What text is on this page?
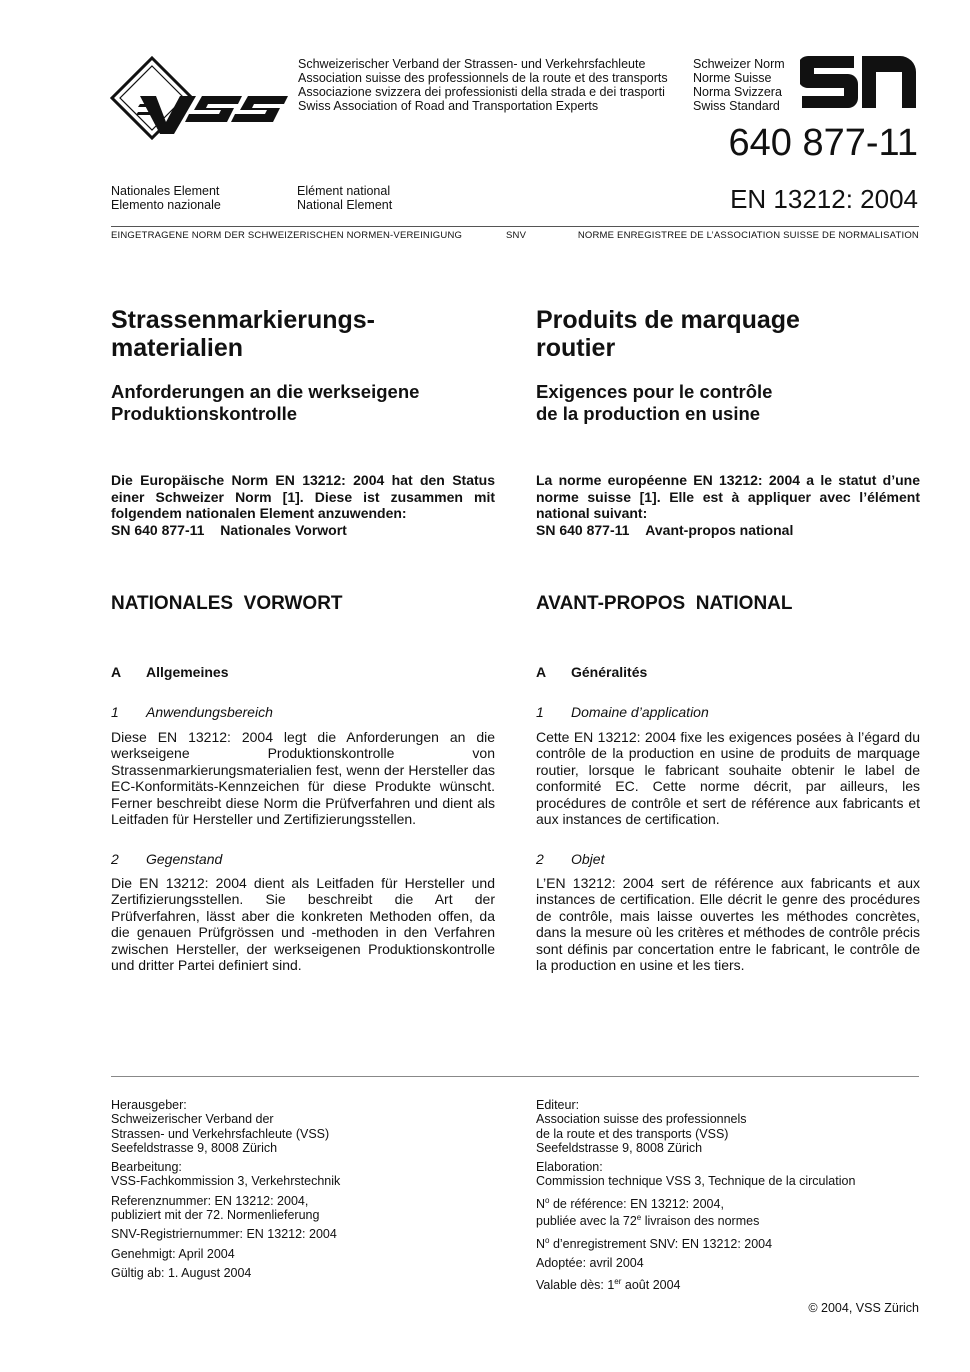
Schweizerischer Verband der Strassen- und Verkehrsfachleute
Association suisse des professionnels de la route et des transports
Associazione svizzera dei professionisti della strada e dei trasporti
Swiss Association of Road and Transportation Experts
Schweizer Norm
Norme Suisse
Norma Svizzera
Swiss Standard
640 877-11
Nationales Element
Elemento nazionale
Elément national
National Element	EN 13212: 2004
EINGETRAGENE NORM DER SCHWEIZERISCHEN NORMEN-VEREINIGUNG	SNV	NORME ENREGISTREE DE L’ASSOCIATION SUISSE DE NORMALISATION
Strassenmarkierungs-
materialien
Produits de marquage
routier
Anforderungen an die werkseigene
Produktionskontrolle
Exigences pour le contrôle
de la production en usine
Die Europäische Norm EN 13212: 2004 hat den Status einer Schweizer Norm [1]. Diese ist zusammen mit folgendem nationalen Element anzuwenden:
SN 640 877-11 Nationales Vorwort
La norme européenne EN 13212: 2004 a le statut d’une norme suisse [1]. Elle est à appliquer avec l’élément national suivant:
SN 640 877-11 Avant-propos national
NATIONALES  VORWORT	AVANT-PROPOS  NATIONAL
A Allgemeines	A Généralités
1 Anwendungsbereich	1 Domaine d’application
Diese EN 13212: 2004 legt die Anforderungen an die werkseigene Produktionskontrolle von Strassenmarkierungsmaterialien fest, wenn der Hersteller das EC-Konformitäts-Kennzeichen für diese Produkte wünscht. Ferner beschreibt diese Norm die Prüfverfahren und dient als Leitfaden für Hersteller und Zertifizierungsstellen.
Cette EN 13212: 2004 fixe les exigences posées à l’égard du contrôle de la production en usine de produits de marquage routier, lorsque le fabricant souhaite obtenir le label de conformité EC. Cette norme décrit, par ailleurs, les procédures de contrôle et sert de référence aux fabricants et aux instances de certification.
2 Gegenstand	2 Objet
Die EN 13212: 2004 dient als Leitfaden für Hersteller und Zertifizierungsstellen. Sie beschreibt die Art der Prüfverfahren, lässt aber die konkreten Methoden offen, da die genauen Prüfgrössen und -methoden in den Verfahren zwischen Hersteller, der werkseigenen Produktionskontrolle und dritter Partei definiert sind.
L’EN 13212: 2004 sert de référence aux fabricants et aux instances de certification. Elle décrit le genre des procédures de contrôle, mais laisse ouvertes les méthodes concrètes, dans la mesure où les critères et méthodes de contrôle précis sont définis par concertation entre le fabricant, le contrôle de la production en usine et les tiers.

Herausgeber:
Schweizerischer Verband der
Strassen- und Verkehrsfachleute (VSS)
Seefeldstrasse 9, 8008 Zürich

Bearbeitung:
VSS-Fachkommission 3, Verkehrstechnik

Referenznummer: EN 13212: 2004,
publiziert mit der 72. Normenlieferung

SNV-Registriernummer: EN 13212: 2004

Genehmigt: April 2004

Gültig ab: 1. August 2004

Editeur:
Association suisse des professionnels
de la route et des transports (VSS)
Seefeldstrasse 9, 8008 Zürich

Elaboration:
Commission technique VSS 3, Technique de la circulation

$N^o$ de référence: EN 13212: 2004,
publiée avec la 72e livraison des normes

$N^o$ d’enregistrement SNV: EN 13212: 2004

Adoptée: avril 2004

Valable dès: 1er août 2004

© 2004, VSS Zürich
